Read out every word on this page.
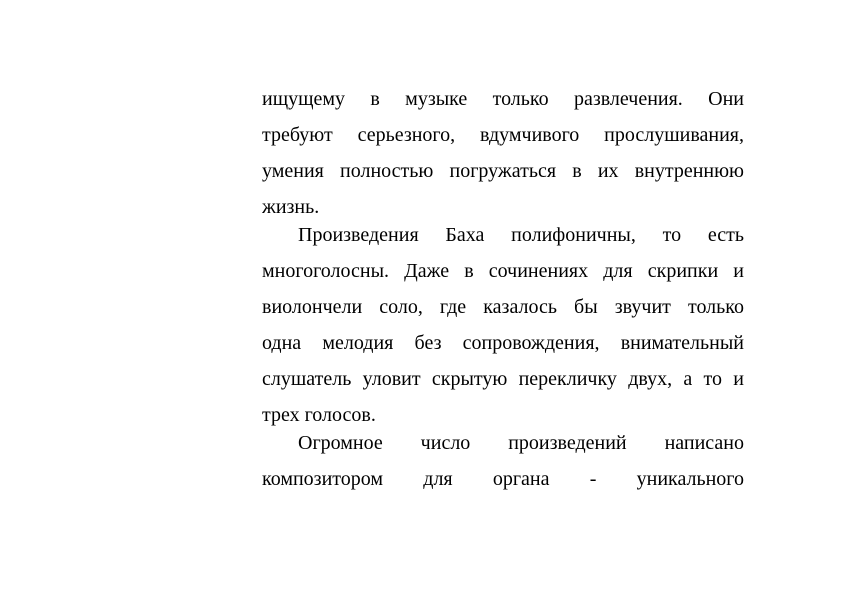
ищущему в музыке только развлечения. Они
требуют серьезного, вдумчивого прослушивания,
умения полностью погружаться в их внутреннюю
жизнь.
Произведения Баха полифоничны, то есть
многоголосны. Даже в сочинениях для скрипки и
виолончели соло, где казалось бы звучит только
одна мелодия без сопровождения, внимательный
слушатель уловит скрытую перекличку двух, а то и
трех голосов.
Огромное число произведений написано
композитором для органа - уникального
